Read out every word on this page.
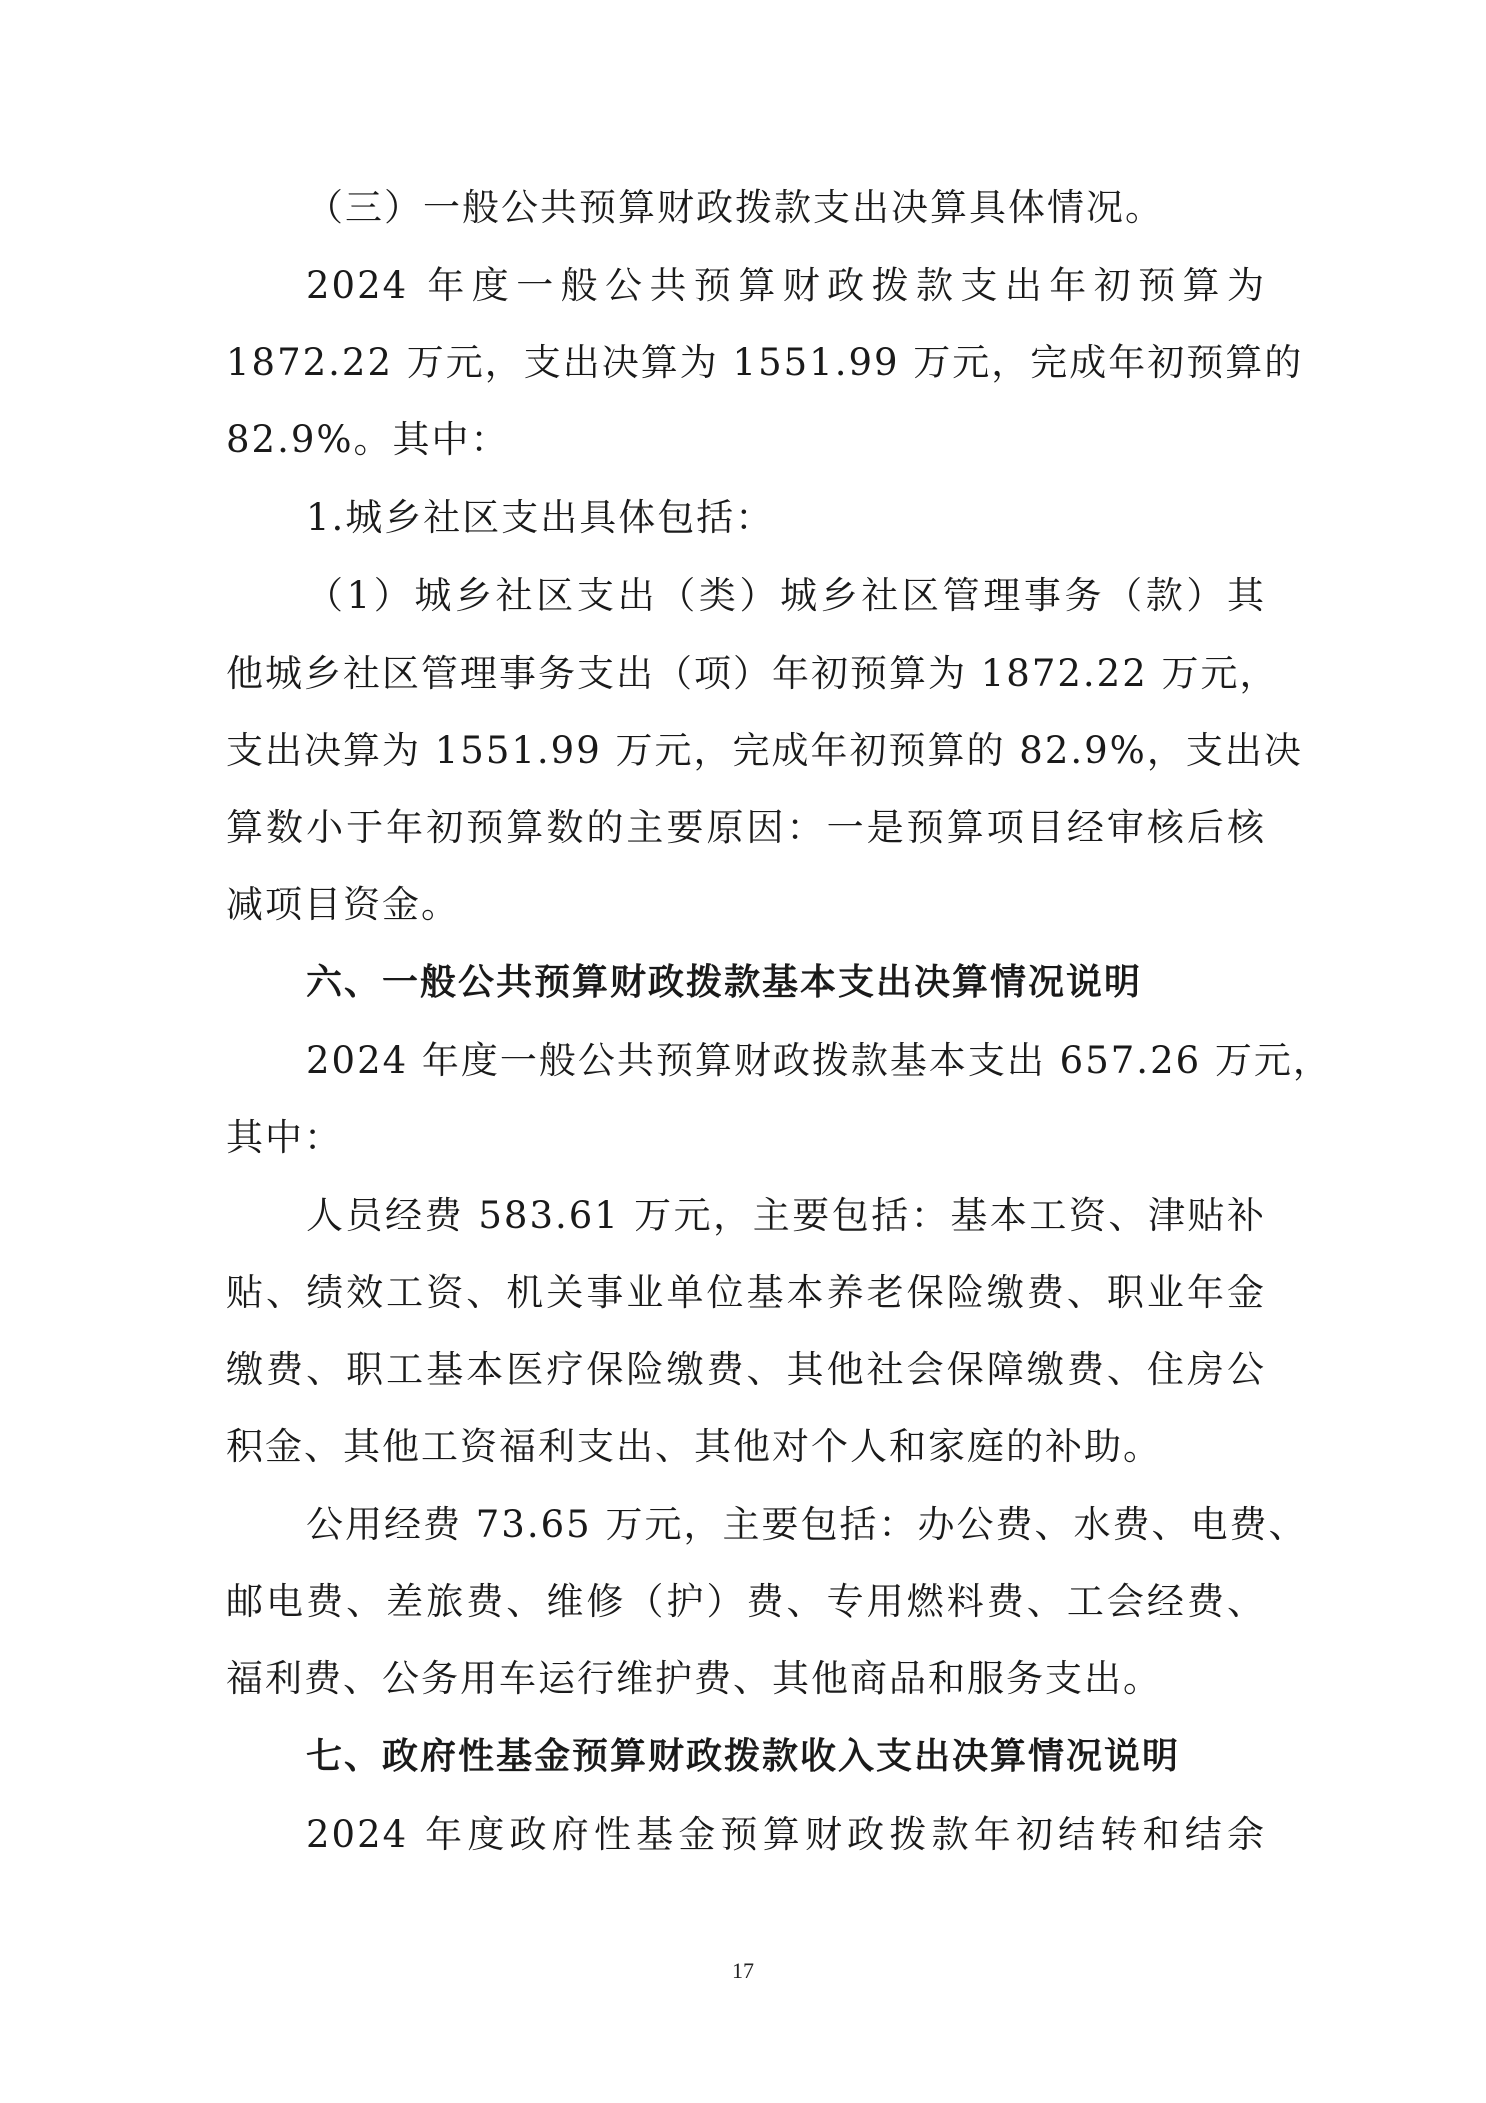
（三）一般公共预算财政拨款支出决算具体情况。
2024 年度一般公共预算财政拨款支出年初预算为
1872.22 万元，支出决算为 1551.99 万元，完成年初预算的
82.9%。其中：
1.城乡社区支出具体包括：
（1）城乡社区支出（类）城乡社区管理事务（款）其
他城乡社区管理事务支出（项）年初预算为 1872.22 万元，
支出决算为 1551.99 万元，完成年初预算的 82.9%，支出决
算数小于年初预算数的主要原因：一是预算项目经审核后核
减项目资金。
六、一般公共预算财政拨款基本支出决算情况说明
2024 年度一般公共预算财政拨款基本支出 657.26 万元，
其中：
人员经费 583.61 万元，主要包括：基本工资、津贴补
贴、绩效工资、机关事业单位基本养老保险缴费、职业年金
缴费、职工基本医疗保险缴费、其他社会保障缴费、住房公
积金、其他工资福利支出、其他对个人和家庭的补助。
公用经费 73.65 万元，主要包括：办公费、水费、电费、
邮电费、差旅费、维修（护）费、专用燃料费、工会经费、
福利费、公务用车运行维护费、其他商品和服务支出。
七、政府性基金预算财政拨款收入支出决算情况说明
2024 年度政府性基金预算财政拨款年初结转和结余
17
